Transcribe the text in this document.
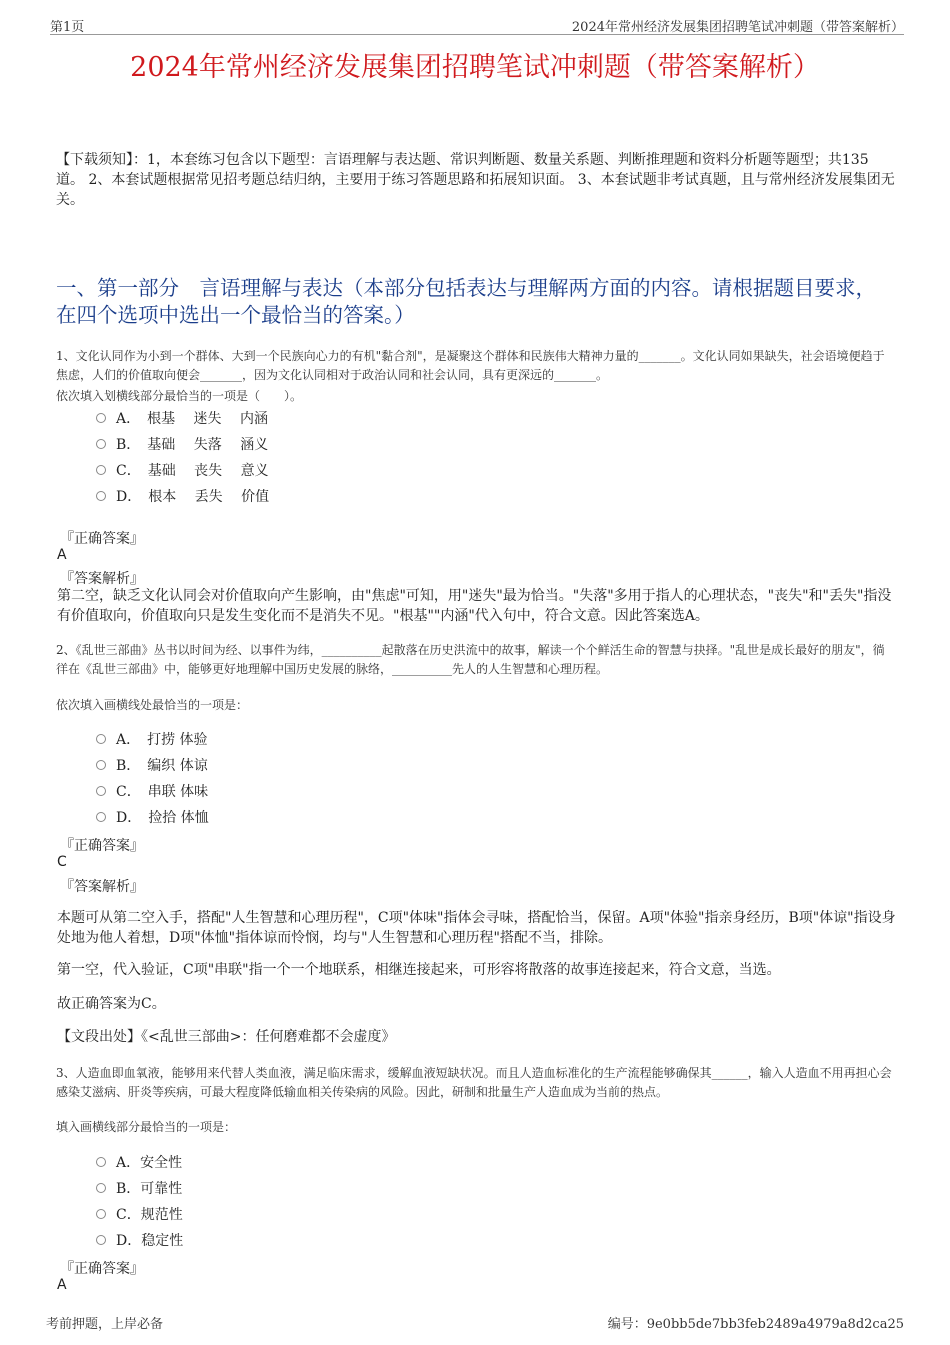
第1页	2024年常州经济发展集团招聘笔试冲刺题（带答案解析）
2024年常州经济发展集团招聘笔试冲刺题（带答案解析）
【下载须知】：1，本套练习包含以下题型：言语理解与表达题、常识判断题、数量关系题、判断推理题和资料分析题等题型；共135道。 2、本套试题根据常见招考题总结归纳，主要用于练习答题思路和拓展知识面。 3、本套试题非考试真题，且与常州经济发展集团无关。
一、第一部分　言语理解与表达（本部分包括表达与理解两方面的内容。请根据题目要求，在四个选项中选出一个最恰当的答案。）
1、文化认同作为小到一个群体、大到一个民族向心力的有机"黏合剂"，是凝聚这个群体和民族伟大精神力量的_______。文化认同如果缺失，社会语境便趋于焦虑，人们的价值取向便会_______，因为文化认同相对于政治认同和社会认同，具有更深远的_______。
依次填入划横线部分最恰当的一项是（　　）。
A．　根基　 迷失　 内涵
B．　基础　 失落　 涵义
C．　基础　 丧失　 意义
D．　根本　 丢失　 价值
『正确答案』
A
『答案解析』
第二空，缺乏文化认同会对价值取向产生影响，由"焦虑"可知，用"迷失"最为恰当。"失落"多用于指人的心理状态，"丧失"和"丢失"指没有价值取向，价值取向只是发生变化而不是消失不见。"根基""内涵"代入句中，符合文意。因此答案选A。
2、《乱世三部曲》丛书以时间为经、以事件为纬，__________起散落在历史洪流中的故事，解读一个个鲜活生命的智慧与抉择。"乱世是成长最好的朋友"，徜徉在《乱世三部曲》中，能够更好地理解中国历史发展的脉络，__________先人的人生智慧和心理历程。
依次填入画横线处最恰当的一项是：
A．　打捞 体验
B．　编织 体谅
C．　串联 体味
D．　捡拾 体恤
『正确答案』
C
『答案解析』
本题可从第二空入手，搭配"人生智慧和心理历程"，C项"体味"指体会寻味，搭配恰当，保留。A项"体验"指亲身经历，B项"体谅"指设身处地为他人着想，D项"体恤"指体谅而怜悯，均与"人生智慧和心理历程"搭配不当，排除。
第一空，代入验证，C项"串联"指一个一个地联系，相继连接起来，可形容将散落的故事连接起来，符合文意，当选。
故正确答案为C。
【文段出处】《<乱世三部曲>：任何磨难都不会虚度》
3、人造血即血氧液，能够用来代替人类血液，满足临床需求，缓解血液短缺状况。而且人造血标准化的生产流程能够确保其______，输入人造血不用再担心会感染艾滋病、肝炎等疾病，可最大程度降低输血相关传染病的风险。因此，研制和批量生产人造血成为当前的热点。
填入画横线部分最恰当的一项是：
A．安全性
B．可靠性
C．规范性
D．稳定性
『正确答案』
A
考前押题，上岸必备	编号：9e0bb5de7bb3feb2489a4979a8d2ca25
